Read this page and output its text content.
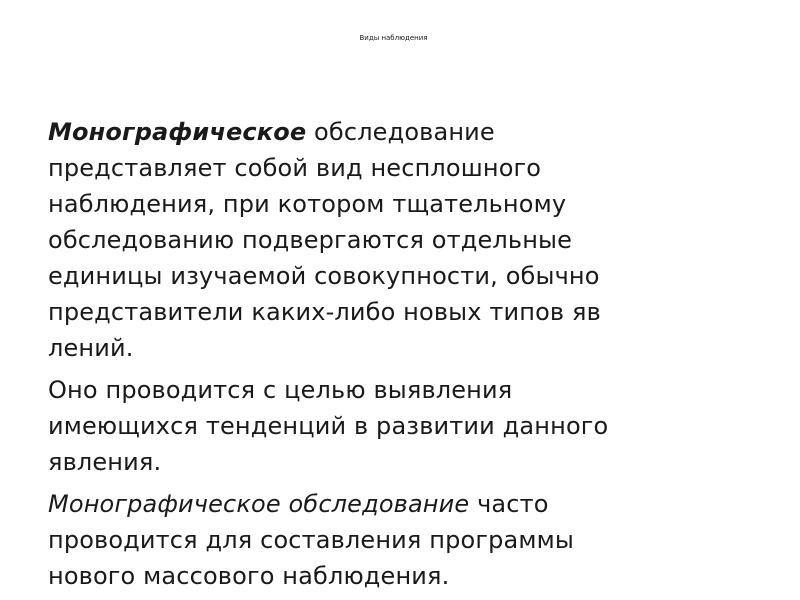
Виды наблюдения

Монографическое обследование
представляет собой вид несплошного
наблюдения, при котором тщательному
обследованию подвергаются отдельные
единицы изучаемой совокупности, обычно
представители каких-либо новых типов яв
лений.

Оно проводится с целью выявления
имеющихся тенденций в развитии данного
явления.

Монографическое обследование часто
проводится для составления программы
нового массового наблюдения.
